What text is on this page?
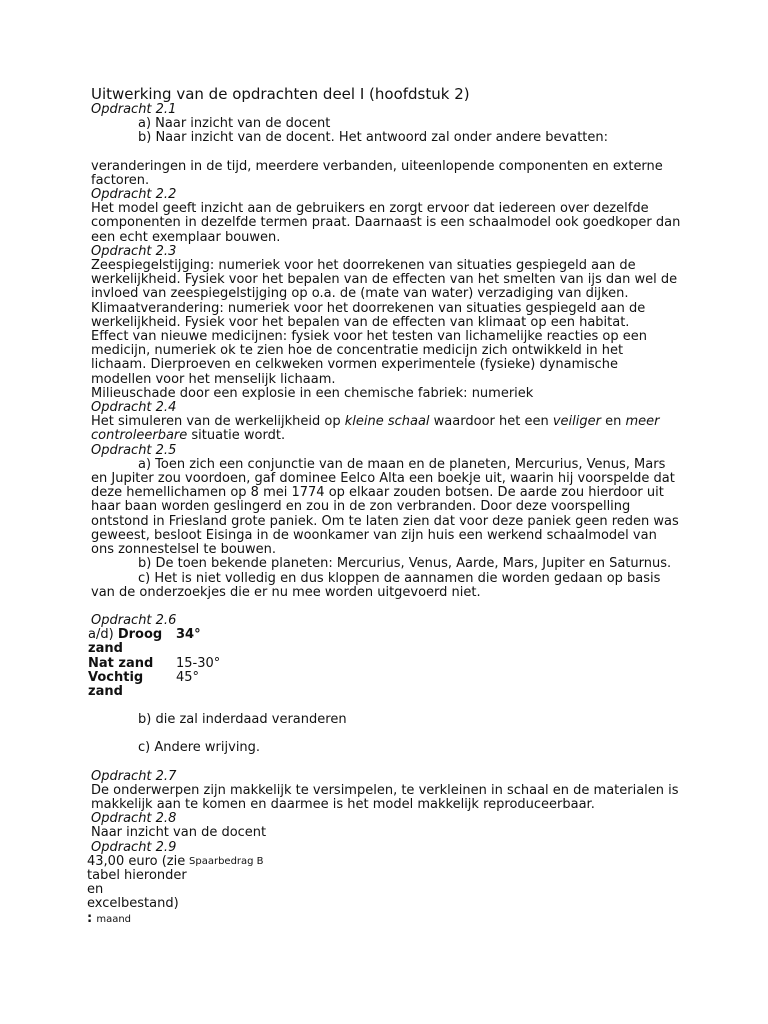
Uitwerking van de opdrachten deel I (hoofdstuk 2)
Opdracht 2.1
a) Naar inzicht van de docent
b) Naar inzicht van de docent. Het antwoord zal onder andere bevatten:

veranderingen in de tijd, meerdere verbanden, uiteenlopende componenten en externe factoren.

Opdracht 2.2

Het model geeft inzicht aan de gebruikers en zorgt ervoor dat iedereen over dezelfde componenten in dezelfde termen praat. Daarnaast is een schaalmodel ook goedkoper dan een echt exemplaar bouwen.

Opdracht 2.3

Zeespiegelstijging: numeriek voor het doorrekenen van situaties gespiegeld aan de werkelijkheid. Fysiek voor het bepalen van de effecten van het smelten van ijs dan wel de invloed van zeespiegelstijging op o.a. de (mate van water) verzadiging van dijken.

Klimaatverandering: numeriek voor het doorrekenen van situaties gespiegeld aan de werkelijkheid. Fysiek voor het bepalen van de effecten van klimaat op een habitat.

Effect van nieuwe medicijnen: fysiek voor het testen van lichamelijke reacties op een medicijn, numeriek ok te zien hoe de concentratie medicijn zich ontwikkeld in het lichaam. Dierproeven en celkweken vormen experimentele (fysieke) dynamische modellen voor het menselijk lichaam.

Milieuschade door een explosie in een chemische fabriek: numeriek

Opdracht 2.4

Het simuleren van de werkelijkheid op kleine schaal waardoor het een veiliger en meer controleerbare situatie wordt.

Opdracht 2.5

a) Toen zich een conjunctie van de maan en de planeten, Mercurius, Venus, Mars en Jupiter zou voordoen, gaf dominee Eelco Alta een boekje uit, waarin hij voorspelde dat deze hemellichamen op 8 mei 1774 op elkaar zouden botsen. De aarde zou hierdoor uit haar baan worden geslingerd en zou in de zon verbranden. Door deze voorspelling ontstond in Friesland grote paniek. Om te laten zien dat voor deze paniek geen reden was geweest, besloot Eisinga in de woonkamer van zijn huis een werkend schaalmodel van ons zonnestelsel te bouwen.

b) De toen bekende planeten: Mercurius, Venus, Aarde, Mars, Jupiter en Saturnus.

c) Het is niet volledig en dus kloppen de aannamen die worden gedaan op basis van de onderzoekjes die er nu mee worden uitgevoerd niet.

Opdracht 2.6
a/d) Droog zand	34°
Nat zand	15-30°
Vochtig zand	45°
b) die zal inderdaad veranderen
c) Andere wrijving.
Opdracht 2.7

De onderwerpen zijn makkelijk te versimpelen, te verkleinen in schaal en de materialen is makkelijk aan te komen en daarmee is het model makkelijk reproduceerbaar.

Opdracht 2.8

Naar inzicht van de docent

Opdracht 2.9
43,00 euro (zie tabel hieronder en excelbestand)	Spaarbedrag B
: maand
